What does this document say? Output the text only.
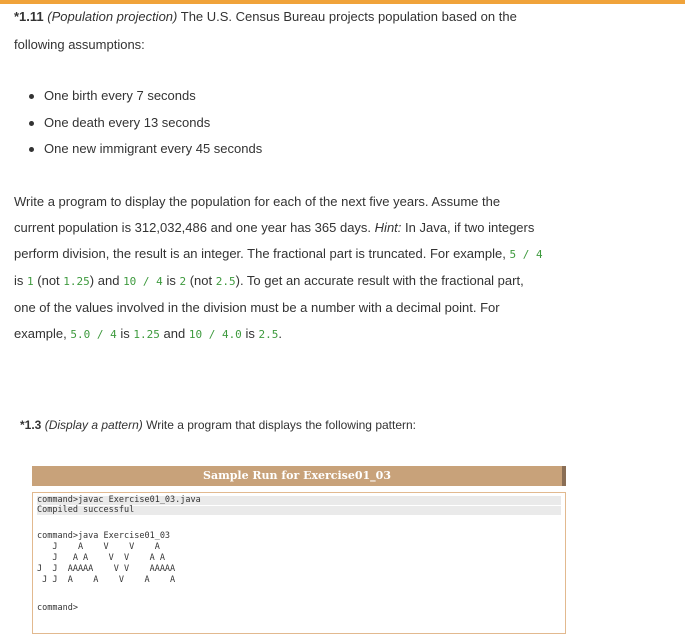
*1.11 (Population projection) The U.S. Census Bureau projects population based on the

following assumptions:

One birth every 7 seconds
One death every 13 seconds
One new immigrant every 45 seconds

Write a program to display the population for each of the next five years. Assume the

current population is 312,032,486 and one year has 365 days. Hint: In Java, if two integers

perform division, the result is an integer. The fractional part is truncated. For example, 5 / 4

is 1 (not 1.25) and 10 / 4 is 2 (not 2.5). To get an accurate result with the fractional part,

one of the values involved in the division must be a number with a decimal point. For

example, 5.0 / 4 is 1.25 and 10 / 4.0 is 2.5.

*1.3 (Display a pattern) Write a program that displays the following pattern:

Sample Run for Exercise01_03

command>javac Exercise01_03.java

Compiled successful

command>java Exercise01_03

J    A    V    V    A

J   A A    V  V    A A

J  J  AAAAA    V V    AAAAA

J J  A    A    V    A    A

command>
